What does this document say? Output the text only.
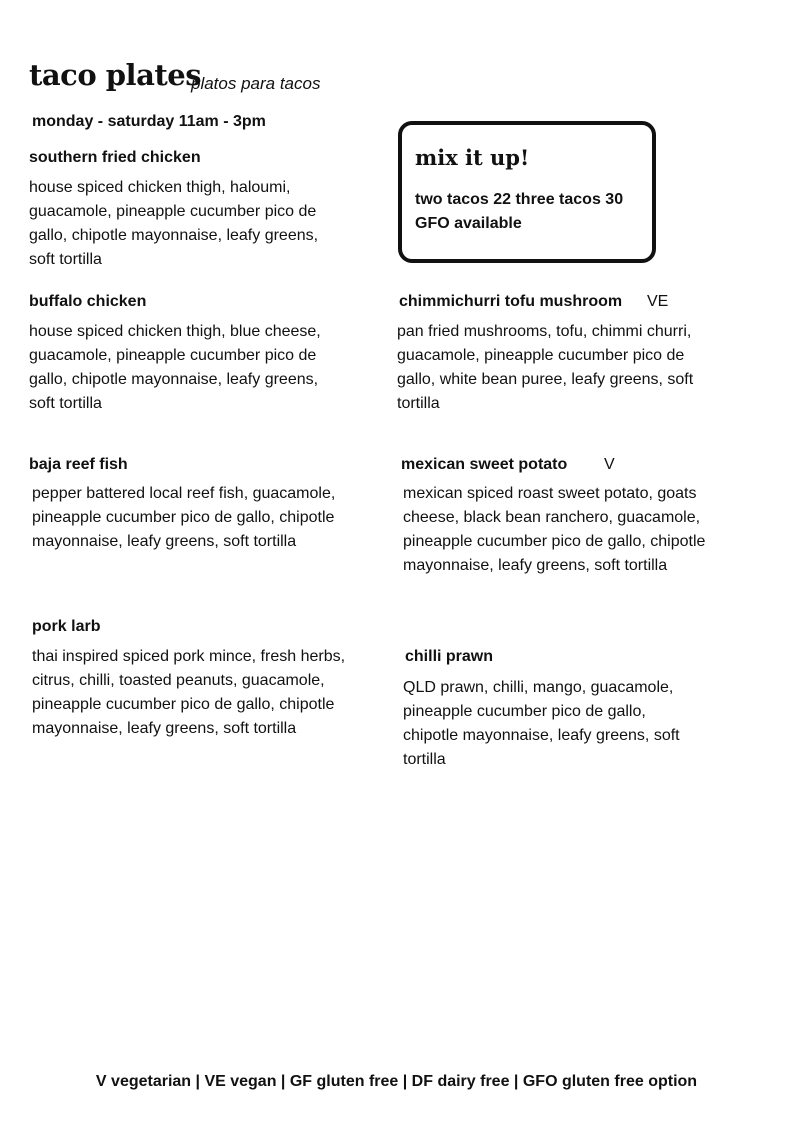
taco plates
platos para tacos
monday - saturday 11am - 3pm
mix it up!
two tacos 22 three tacos 30
GFO available
southern fried chicken
house spiced chicken thigh, haloumi, guacamole, pineapple cucumber pico de gallo, chipotle mayonnaise, leafy greens, soft tortilla
buffalo chicken
house spiced chicken thigh, blue cheese, guacamole, pineapple cucumber pico de gallo, chipotle mayonnaise, leafy greens, soft tortilla
chimmichurri tofu mushroom VE
pan fried mushrooms, tofu, chimmi churri, guacamole, pineapple cucumber pico de gallo, white bean puree, leafy greens, soft tortilla
baja reef fish
pepper battered local reef fish, guacamole, pineapple cucumber pico de gallo, chipotle mayonnaise, leafy greens, soft tortilla
mexican sweet potato V
mexican spiced roast sweet potato, goats cheese, black bean ranchero, guacamole, pineapple cucumber pico de gallo, chipotle mayonnaise, leafy greens, soft tortilla
pork larb
thai inspired spiced pork mince, fresh herbs, citrus, chilli, toasted peanuts, guacamole, pineapple cucumber pico de gallo, chipotle mayonnaise, leafy greens, soft tortilla
chilli prawn
QLD prawn, chilli, mango, guacamole, pineapple cucumber pico de gallo, chipotle mayonnaise, leafy greens, soft tortilla
V vegetarian | VE vegan | GF gluten free | DF dairy free | GFO gluten free option
